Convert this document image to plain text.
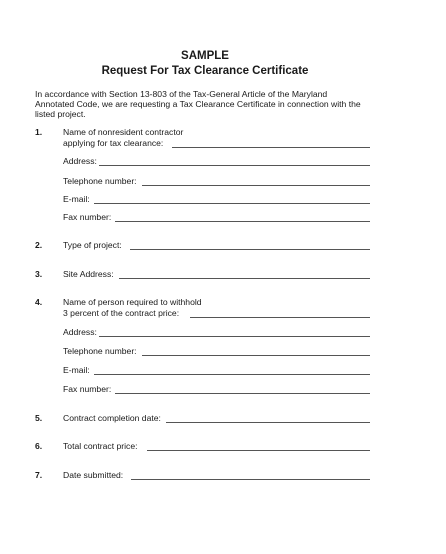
SAMPLE
Request For Tax Clearance Certificate
In accordance with Section 13-803 of the Tax-General Article of the Maryland
Annotated Code, we are requesting a Tax Clearance Certificate in connection with the
listed project.
1. Name of nonresident contractor
applying for tax clearance:
Address:
Telephone number:
E-mail:
Fax number:
2. Type of project:
3. Site Address:
4. Name of person required to withhold
3 percent of the contract price:
Address:
Telephone number:
E-mail:
Fax number:
5. Contract completion date:
6. Total contract price:
7. Date submitted:
